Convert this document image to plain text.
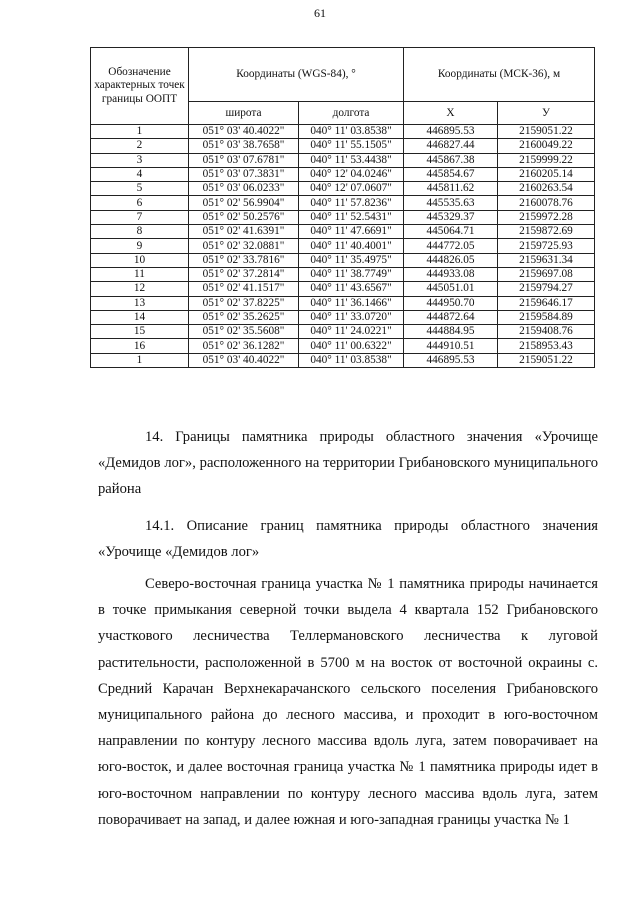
61
Обозначение характерных точек границы ООПТ	Координаты (WGS-84), °		Координаты (МСК-36), м	
	широта	долгота	X	У
1	051° 03' 40.4022"	040° 11' 03.8538"	446895.53	2159051.22
2	051° 03' 38.7658"	040° 11' 55.1505"	446827.44	2160049.22
3	051° 03' 07.6781"	040° 11' 53.4438"	445867.38	2159999.22
4	051° 03' 07.3831"	040° 12' 04.0246"	445854.67	2160205.14
5	051° 03' 06.0233"	040° 12' 07.0607"	445811.62	2160263.54
6	051° 02' 56.9904"	040° 11' 57.8236"	445535.63	2160078.76
7	051° 02' 50.2576"	040° 11' 52.5431"	445329.37	2159972.28
8	051° 02' 41.6391"	040° 11' 47.6691"	445064.71	2159872.69
9	051° 02' 32.0881"	040° 11' 40.4001"	444772.05	2159725.93
10	051° 02' 33.7816"	040° 11' 35.4975"	444826.05	2159631.34
11	051° 02' 37.2814"	040° 11' 38.7749"	444933.08	2159697.08
12	051° 02' 41.1517"	040° 11' 43.6567"	445051.01	2159794.27
13	051° 02' 37.8225"	040° 11' 36.1466"	444950.70	2159646.17
14	051° 02' 35.2625"	040° 11' 33.0720"	444872.64	2159584.89
15	051° 02' 35.5608"	040° 11' 24.0221"	444884.95	2159408.76
16	051° 02' 36.1282"	040° 11' 00.6322"	444910.51	2158953.43
1	051° 03' 40.4022"	040° 11' 03.8538"	446895.53	2159051.22

14. Границы памятника природы областного значения «Урочище «Демидов лог», расположенного на территории Грибановского муниципального района

14.1. Описание границ памятника природы областного значения «Урочище «Демидов лог»

Северо-восточная граница участка № 1 памятника природы начинается в точке примыкания северной точки выдела 4 квартала 152 Грибановского участкового лесничества Теллермановского лесничества к луговой растительности, расположенной в 5700 м на восток от восточной окраины с. Средний Карачан Верхнекарачанского сельского поселения Грибановского муниципального района до лесного массива, и проходит в юго-восточном направлении по контуру лесного массива вдоль луга, затем поворачивает на юго-восток, и далее восточная граница участка № 1 памятника природы идет в юго-восточном направлении по контуру лесного массива вдоль луга, затем поворачивает на запад, и далее южная и юго-западная границы участка № 1
